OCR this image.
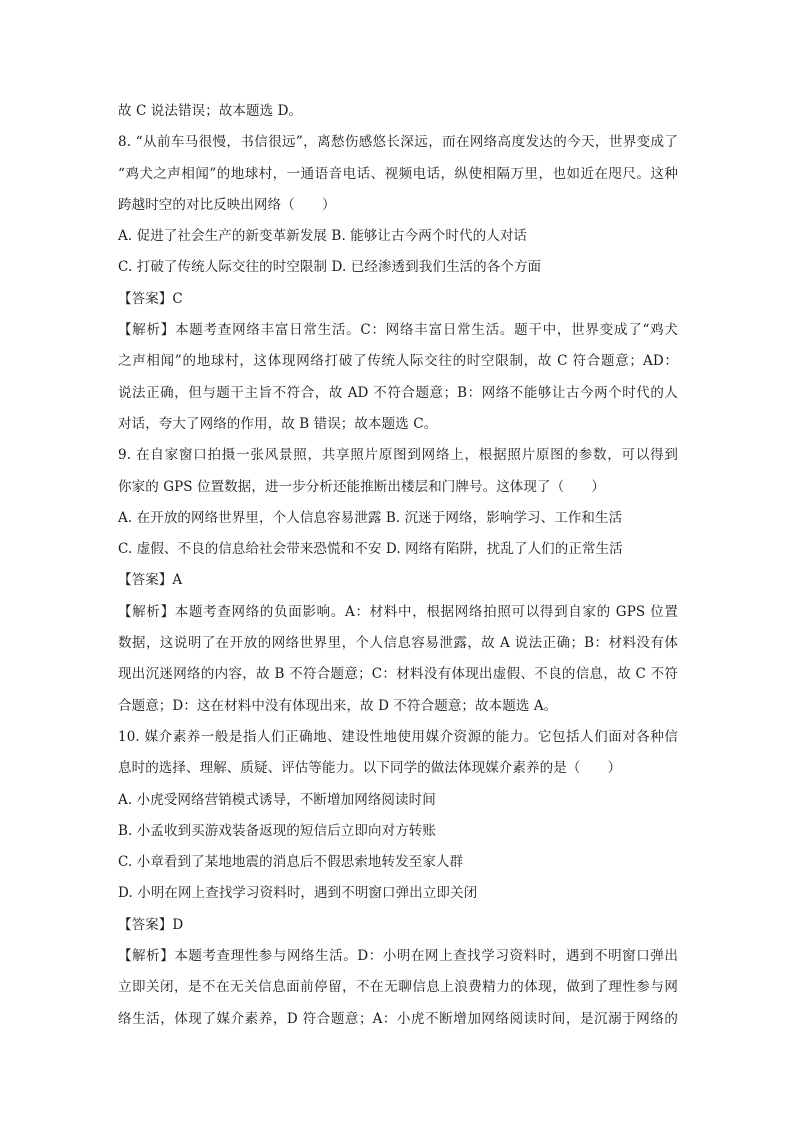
故 C 说法错误；故本题选 D。
8. “从前车马很慢，书信很远”，离愁伤感悠长深远，而在网络高度发达的今天，世界变成了
“鸡犬之声相闻”的地球村，一通语音电话、视频电话，纵使相隔万里，也如近在咫尺。这种
跨越时空的对比反映出网络（　　）
A. 促进了社会生产的新变革新发展 B. 能够让古今两个时代的人对话
C. 打破了传统人际交往的时空限制 D. 已经渗透到我们生活的各个方面
【答案】C
【解析】本题考查网络丰富日常生活。C：网络丰富日常生活。题干中，世界变成了“鸡犬
之声相闻”的地球村，这体现网络打破了传统人际交往的时空限制，故 C 符合题意；AD：
说法正确，但与题干主旨不符合，故 AD 不符合题意；B：网络不能够让古今两个时代的人
对话，夸大了网络的作用，故 B 错误；故本题选 C。
9. 在自家窗口拍摄一张风景照，共享照片原图到网络上，根据照片原图的参数，可以得到
你家的 GPS 位置数据，进一步分析还能推断出楼层和门牌号。这体现了（　　）
A. 在开放的网络世界里，个人信息容易泄露 B. 沉迷于网络，影响学习、工作和生活
C. 虚假、不良的信息给社会带来恐慌和不安 D. 网络有陷阱，扰乱了人们的正常生活
【答案】A
【解析】本题考查网络的负面影响。A：材料中，根据网络拍照可以得到自家的 GPS 位置
数据，这说明了在开放的网络世界里，个人信息容易泄露，故 A 说法正确；B：材料没有体
现出沉迷网络的内容，故 B 不符合题意；C：材料没有体现出虚假、不良的信息，故 C 不符
合题意；D：这在材料中没有体现出来，故 D 不符合题意；故本题选 A。
10. 媒介素养一般是指人们正确地、建设性地使用媒介资源的能力。它包括人们面对各种信
息时的选择、理解、质疑、评估等能力。以下同学的做法体现媒介素养的是（　　）
A. 小虎受网络营销模式诱导，不断增加网络阅读时间
B. 小孟收到买游戏装备返现的短信后立即向对方转账
C. 小章看到了某地地震的消息后不假思索地转发至家人群
D. 小明在网上查找学习资料时，遇到不明窗口弹出立即关闭
【答案】D
【解析】本题考查理性参与网络生活。D：小明在网上查找学习资料时，遇到不明窗口弹出
立即关闭，是不在无关信息面前停留，不在无聊信息上浪费精力的体现，做到了理性参与网
络生活，体现了媒介素养，D 符合题意；A：小虎不断增加网络阅读时间，是沉溺于网络的
